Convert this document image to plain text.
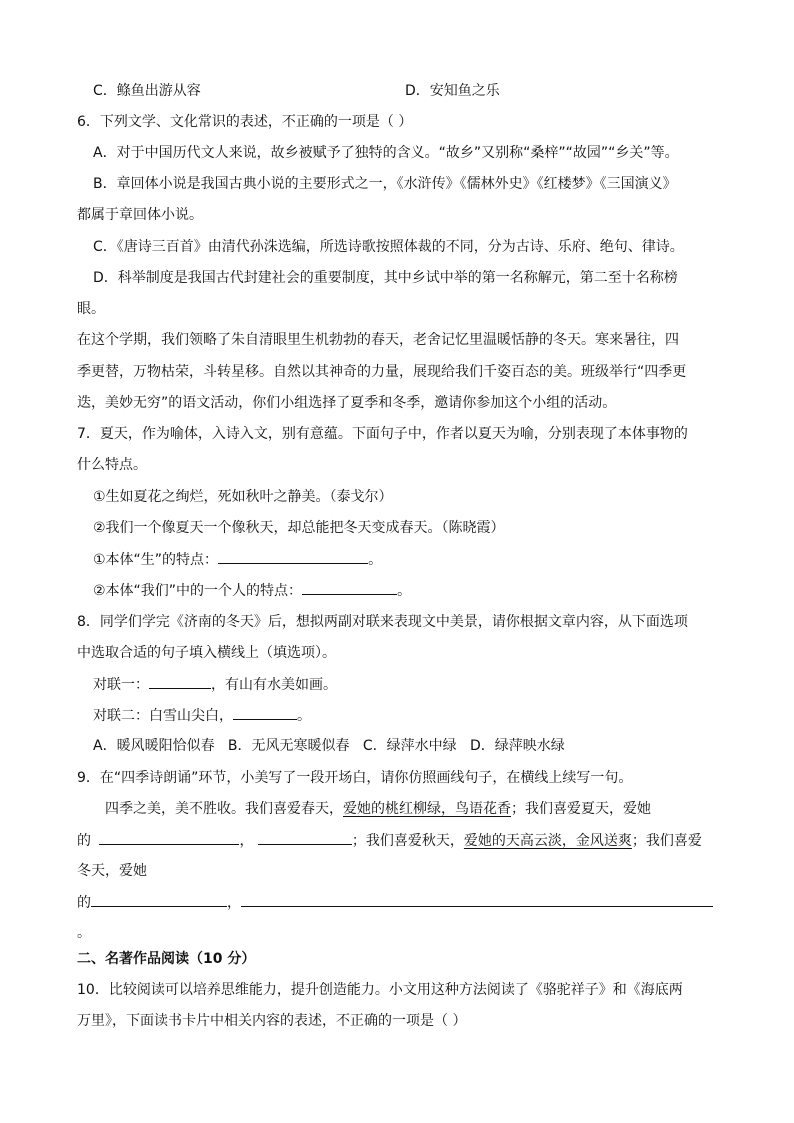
C．鲦鱼出游从容	D．安知鱼之乐
6．下列文学、文化常识的表述，不正确的一项是（ ）
A．对于中国历代文人来说，故乡被赋予了独特的含义。“故乡”又别称“桑梓”“故园”“乡关”等。
B．章回体小说是我国古典小说的主要形式之一，《水浒传》《儒林外史》《红楼梦》《三国演义》
都属于章回体小说。
C．《唐诗三百首》由清代孙洙选编，所选诗歌按照体裁的不同，分为古诗、乐府、绝句、律诗。
D．科举制度是我国古代封建社会的重要制度，其中乡试中举的第一名称解元，第二至十名称榜
眼。
在这个学期，我们领略了朱自清眼里生机勃勃的春天，老舍记忆里温暖恬静的冬天。寒来暑往，四
季更替，万物枯荣，斗转星移。自然以其神奇的力量，展现给我们千姿百态的美。班级举行“四季更
迭，美妙无穷”的语文活动，你们小组选择了夏季和冬季，邀请你参加这个小组的活动。
7．夏天，作为喻体，入诗入文，别有意蕴。下面句子中，作者以夏天为喻，分别表现了本体事物的
什么特点。
①生如夏花之绚烂，死如秋叶之静美。（泰戈尔）
②我们一个像夏天一个像秋天，却总能把冬天变成春天。（陈晓霞）
①本体“生”的特点：	。
②本体“我们”中的一个人的特点：	。
8．同学们学完《济南的冬天》后，想拟两副对联来表现文中美景，请你根据文章内容，从下面选项
中选取合适的句子填入横线上（填选项）。
对联一：	，有山有水美如画。
对联二：白雪山尖白，	。
A．暖风暖阳恰似春   B．无风无寒暖似春   C．绿萍水中绿   D．绿萍映水绿
9．在“四季诗朗诵”环节，小美写了一段开场白，请你仿照画线句子，在横线上续写一句。
四季之美，美不胜收。我们喜爱春天，爱她的桃红柳绿，鸟语花香；我们喜爱夏天，爱她
的	，	；我们喜爱秋天，爱她的天高云淡，金风送爽；我们喜爱
冬天，爱她
的	，
。
二、名著作品阅读（10 分）
10．比较阅读可以培养思维能力，提升创造能力。小文用这种方法阅读了《骆驼祥子》和《海底两
万里》，下面读书卡片中相关内容的表述，不正确的一项是（ ）
